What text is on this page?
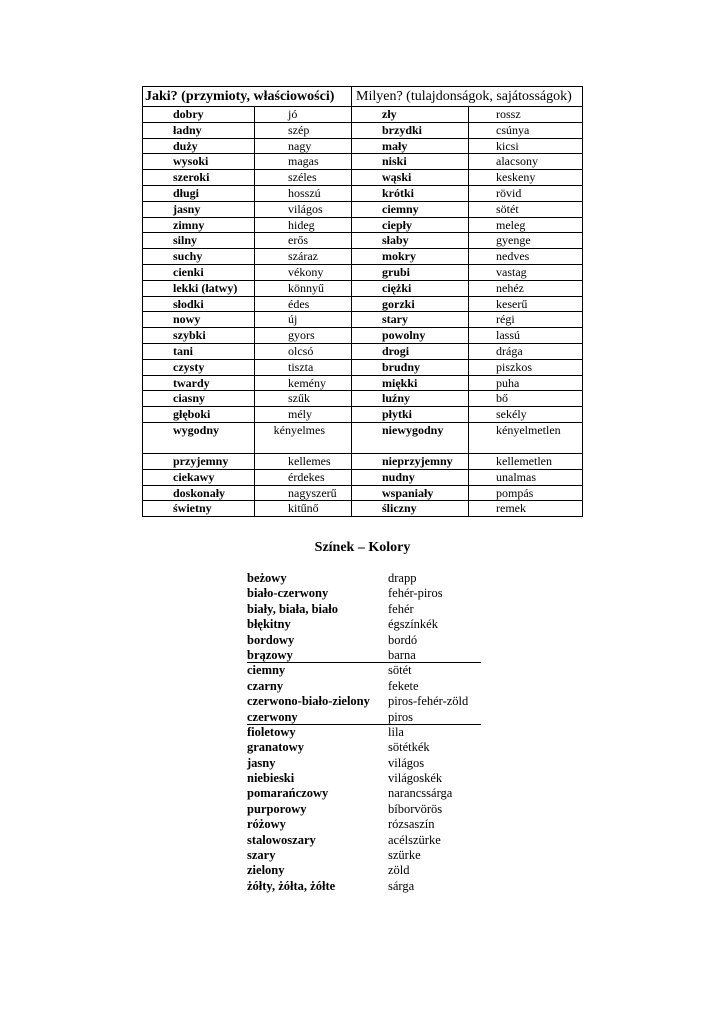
Jaki? (przymioty, właściowości)		Milyen? (tulajdonságok, sajátosságok)	
dobry	jó	zły	rossz
ładny	szép	brzydki	csúnya
duży	nagy	mały	kicsi
wysoki	magas	niski	alacsony
szeroki	széles	wąski	keskeny
długi	hosszú	krótki	rövid
jasny	világos	ciemny	sötét
zimny	hideg	ciepły	meleg
silny	erős	słaby	gyenge
suchy	száraz	mokry	nedves
cienki	vékony	grubi	vastag
lekki (łatwy)	könnyű	ciężki	nehéz
słodki	édes	gorzki	keserű
nowy	új	stary	régi
szybki	gyors	powolny	lassú
tani	olcsó	drogi	drága
czysty	tiszta	brudny	piszkos
twardy	kemény	miękki	puha
ciasny	szűk	luźny	bő
głęboki	mély	płytki	sekély
wygodny	kényelmes	niewygodny	kényelmetlen
przyjemny	kellemes	nieprzyjemny	kellemetlen
ciekawy	érdekes	nudny	unalmas
doskonały	nagyszerű	wspaniały	pompás
świetny	kitűnő	śliczny	remek
Színek – Kolory
beżowy	drapp
biało-czerwony	fehér-piros
biały, biała, biało	fehér
błękitny	égszínkék
bordowy	bordó
brązowy	barna
ciemny	sötét
czarny	fekete
czerwono-biało-zielony	piros-fehér-zöld
czerwony	piros
fioletowy	lila
granatowy	sötétkék
jasny	világos
niebieski	világoskék
pomarańczowy	narancssárga
purporowy	bíborvörös
różowy	rózsaszín
stalowoszary	acélszürke
szary	szürke
zielony	zöld
żółty, żółta, żółte	sárga
